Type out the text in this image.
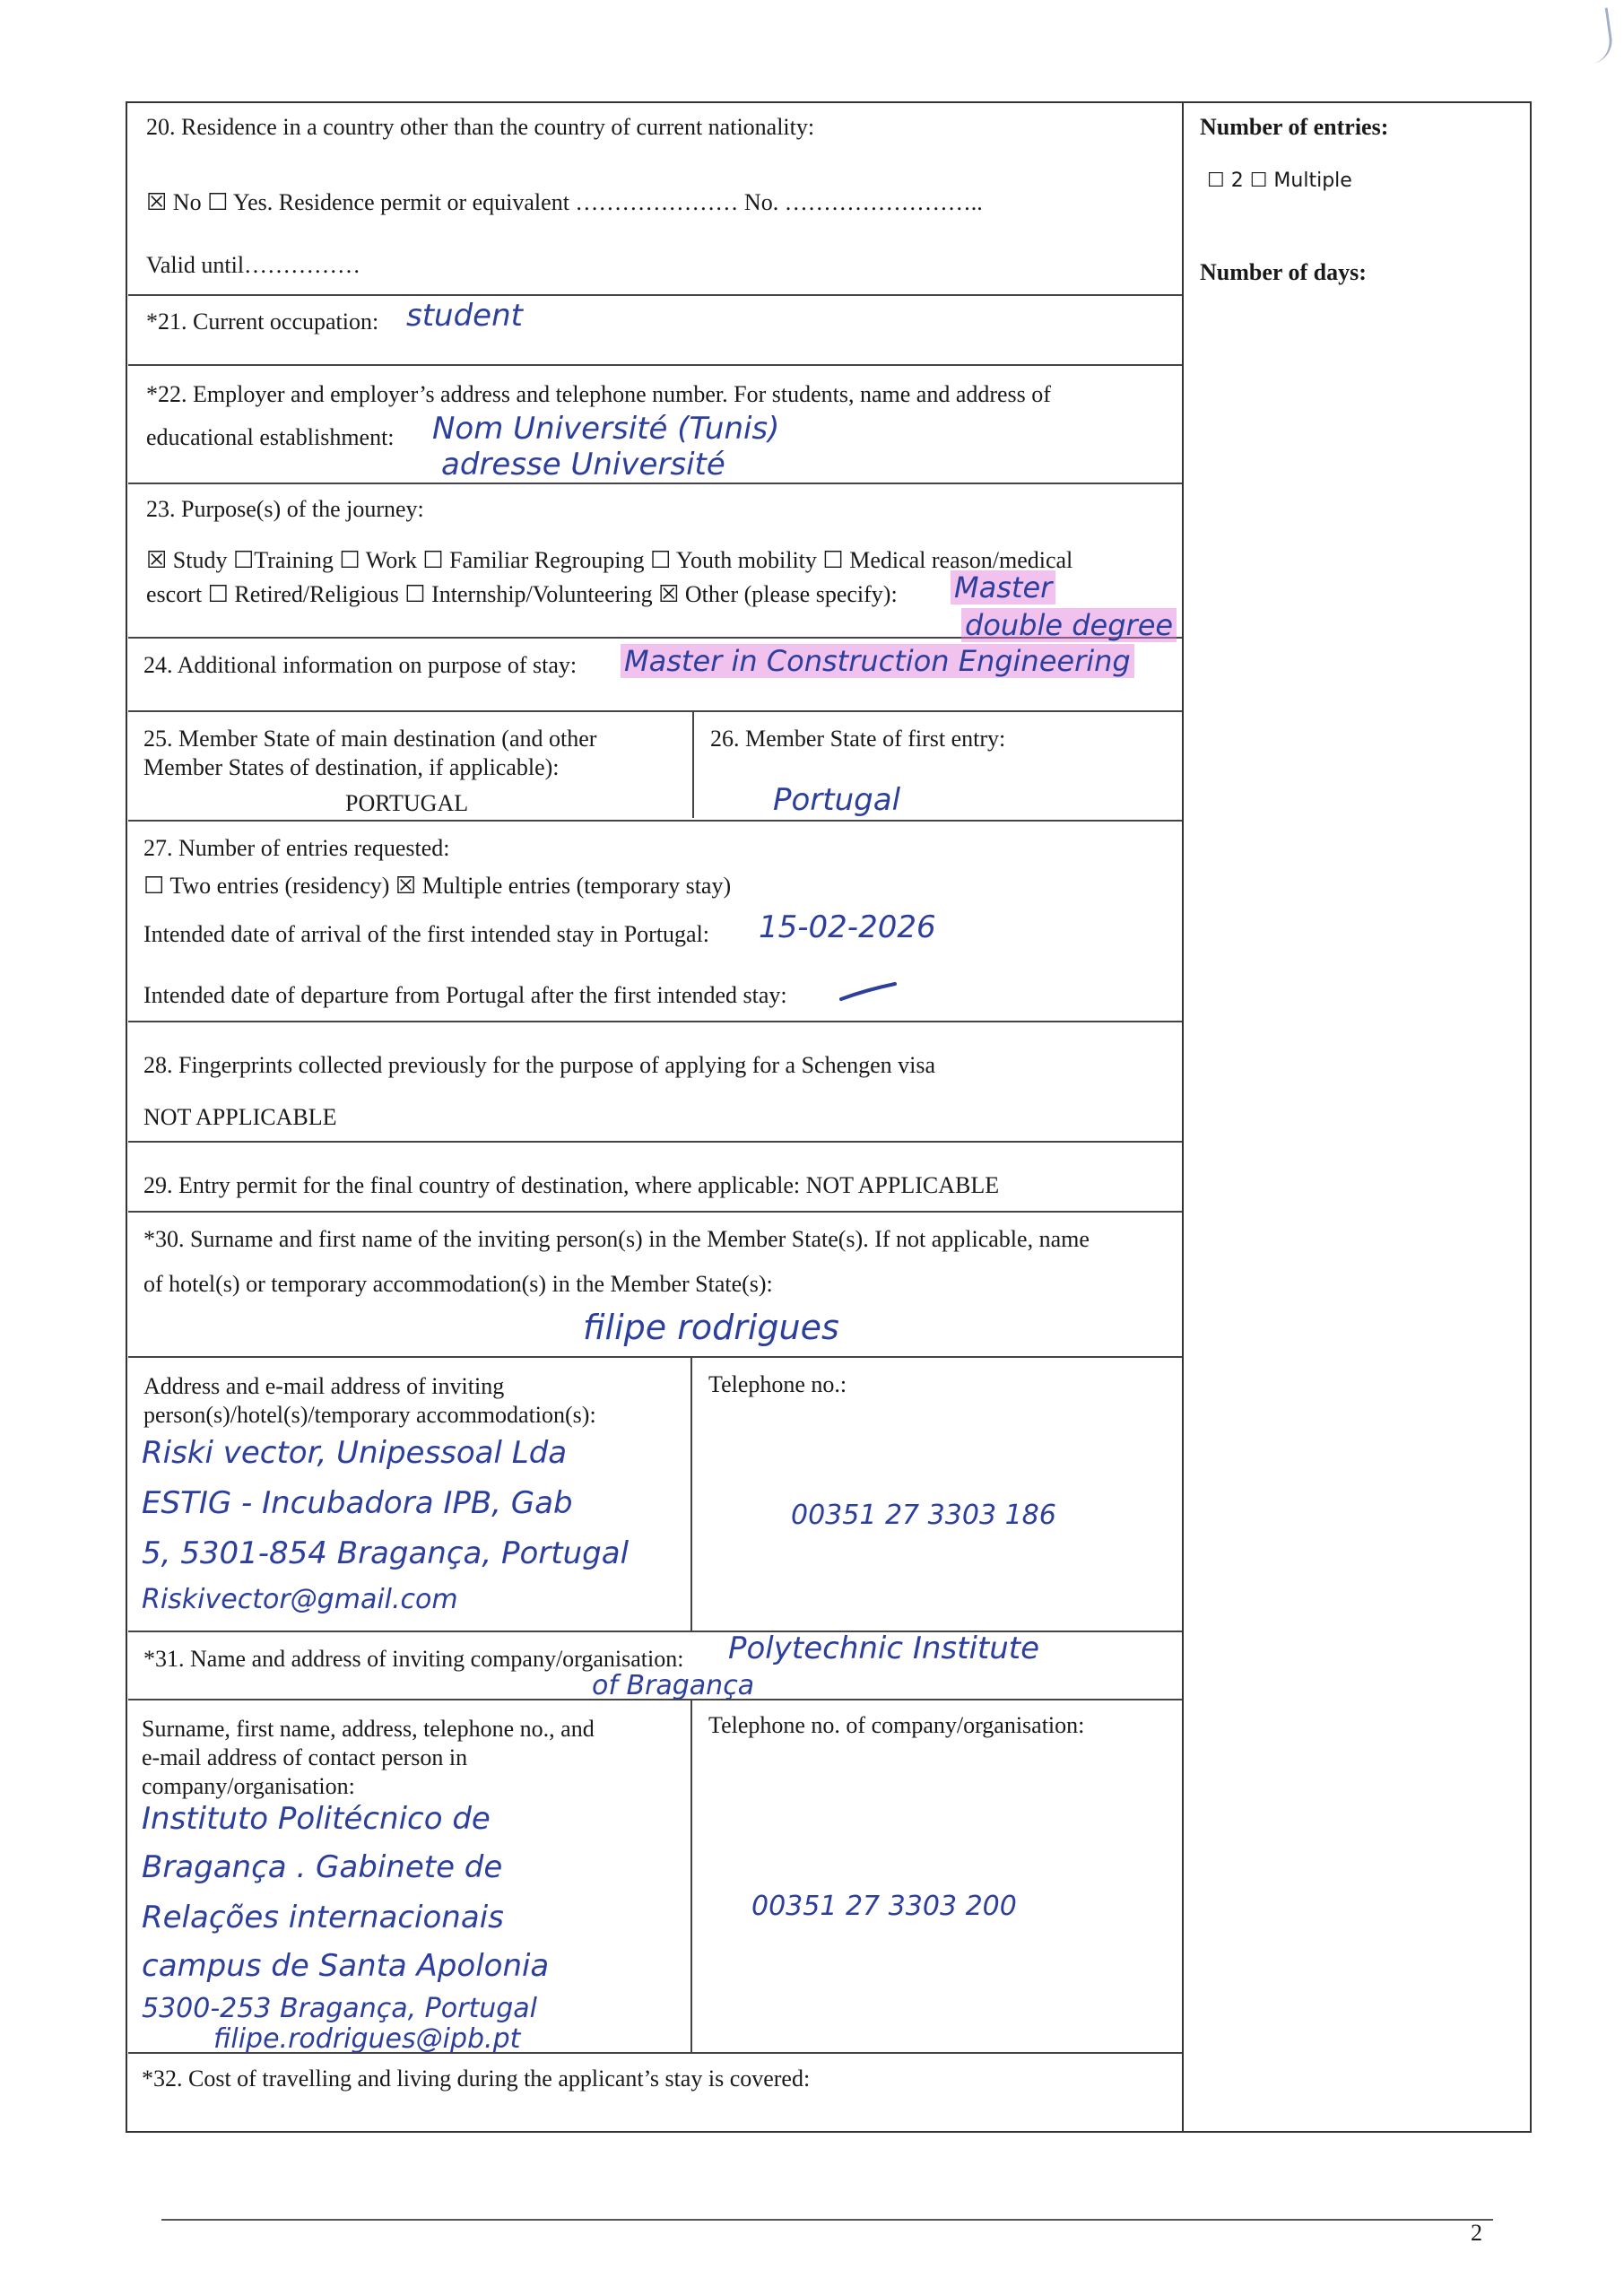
Number of entries:
☐ 2 ☐ Multiple
Number of days:
20. Residence in a country other than the country of current nationality:
☒ No ☐ Yes. Residence permit or equivalent ………………… No. ……………………..
Valid until……………
*21. Current occupation: student
*22. Employer and employer’s address and telephone number. For students, name and address of
educational establishment: Nom Université (Tunis)
adresse Université
23. Purpose(s) of the journey:
☒ Study ☐Training ☐ Work ☐ Familiar Regrouping ☐ Youth mobility ☐ Medical reason/medical
escort ☐ Retired/Religious ☐ Internship/Volunteering ☒ Other (please specify): Master
double degree
24. Additional information on purpose of stay: Master in Construction Engineering
25. Member State of main destination (and other
Member States of destination, if applicable):
PORTUGAL
26. Member State of first entry:
Portugal
27. Number of entries requested:
☐ Two entries (residency) ☒ Multiple entries (temporary stay)
Intended date of arrival of the first intended stay in Portugal: 15-02-2026
Intended date of departure from Portugal after the first intended stay:
28. Fingerprints collected previously for the purpose of applying for a Schengen visa
NOT APPLICABLE
29. Entry permit for the final country of destination, where applicable: NOT APPLICABLE
*30. Surname and first name of the inviting person(s) in the Member State(s). If not applicable, name
of hotel(s) or temporary accommodation(s) in the Member State(s):
filipe rodrigues
Address and e-mail address of inviting
person(s)/hotel(s)/temporary accommodation(s):
Riski vector, Unipessoal Lda
ESTIG - Incubadora IPB, Gab
5, 5301-854 Bragança, Portugal
Riskivector@gmail.com
Telephone no.:
00351 27 3303 186
*31. Name and address of inviting company/organisation: Polytechnic Institute
of Bragança
Surname, first name, address, telephone no., and
e-mail address of contact person in
company/organisation:
Instituto Politécnico de
Bragança . Gabinete de
Relações internacionais
campus de Santa Apolonia
5300-253 Bragança, Portugal
filipe.rodrigues@ipb.pt
Telephone no. of company/organisation:
00351 27 3303 200
*32. Cost of travelling and living during the applicant’s stay is covered:
2
